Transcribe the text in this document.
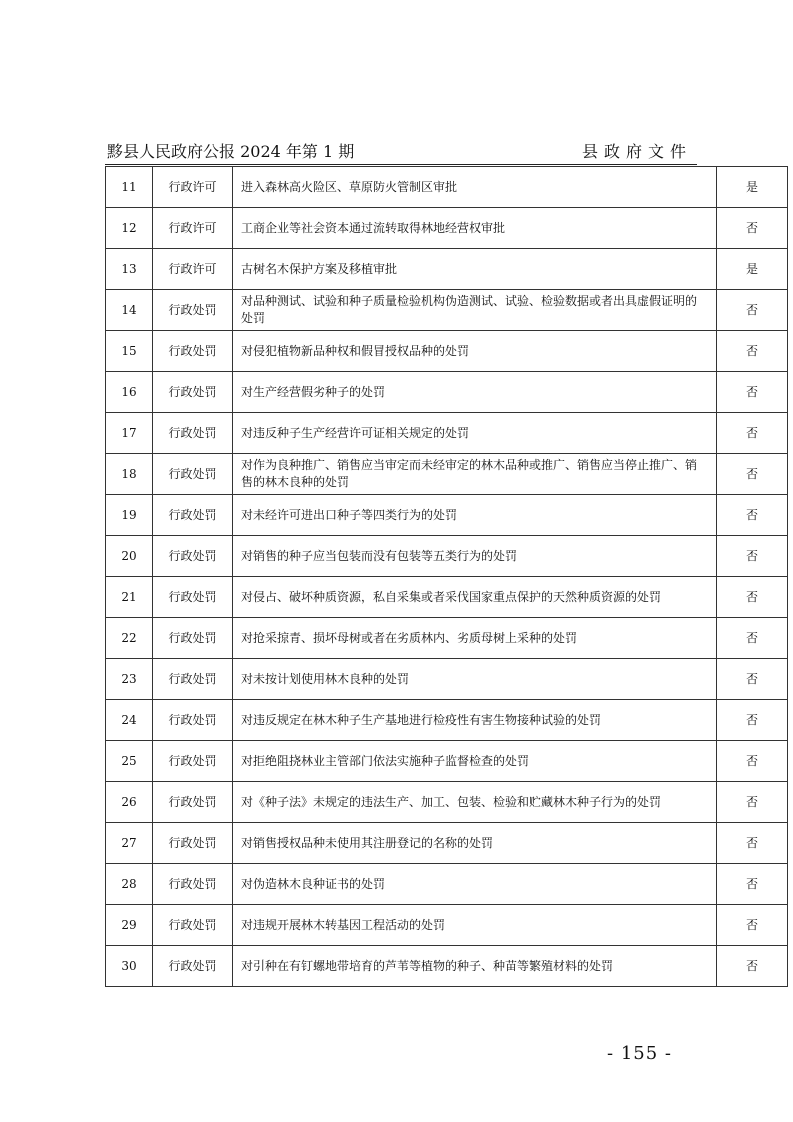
黟县人民政府公报 2024 年第 1 期	县政府文件
11	行政许可	进入森林高火险区、草原防火管制区审批	是
12	行政许可	工商企业等社会资本通过流转取得林地经营权审批	否
13	行政许可	古树名木保护方案及移植审批	是
14	行政处罚	对品种测试、试验和种子质量检验机构伪造测试、试验、检验数据或者出具虚假证明的处罚	否
15	行政处罚	对侵犯植物新品种权和假冒授权品种的处罚	否
16	行政处罚	对生产经营假劣种子的处罚	否
17	行政处罚	对违反种子生产经营许可证相关规定的处罚	否
18	行政处罚	对作为良种推广、销售应当审定而未经审定的林木品种或推广、销售应当停止推广、销售的林木良种的处罚	否
19	行政处罚	对未经许可进出口种子等四类行为的处罚	否
20	行政处罚	对销售的种子应当包装而没有包装等五类行为的处罚	否
21	行政处罚	对侵占、破坏种质资源，私自采集或者采伐国家重点保护的天然种质资源的处罚	否
22	行政处罚	对抢采掠青、损坏母树或者在劣质林内、劣质母树上采种的处罚	否
23	行政处罚	对未按计划使用林木良种的处罚	否
24	行政处罚	对违反规定在林木种子生产基地进行检疫性有害生物接种试验的处罚	否
25	行政处罚	对拒绝阻挠林业主管部门依法实施种子监督检查的处罚	否
26	行政处罚	对《种子法》未规定的违法生产、加工、包装、检验和贮藏林木种子行为的处罚	否
27	行政处罚	对销售授权品种未使用其注册登记的名称的处罚	否
28	行政处罚	对伪造林木良种证书的处罚	否
29	行政处罚	对违规开展林木转基因工程活动的处罚	否
30	行政处罚	对引种在有钉螺地带培育的芦苇等植物的种子、种苗等繁殖材料的处罚	否
- 155 -
